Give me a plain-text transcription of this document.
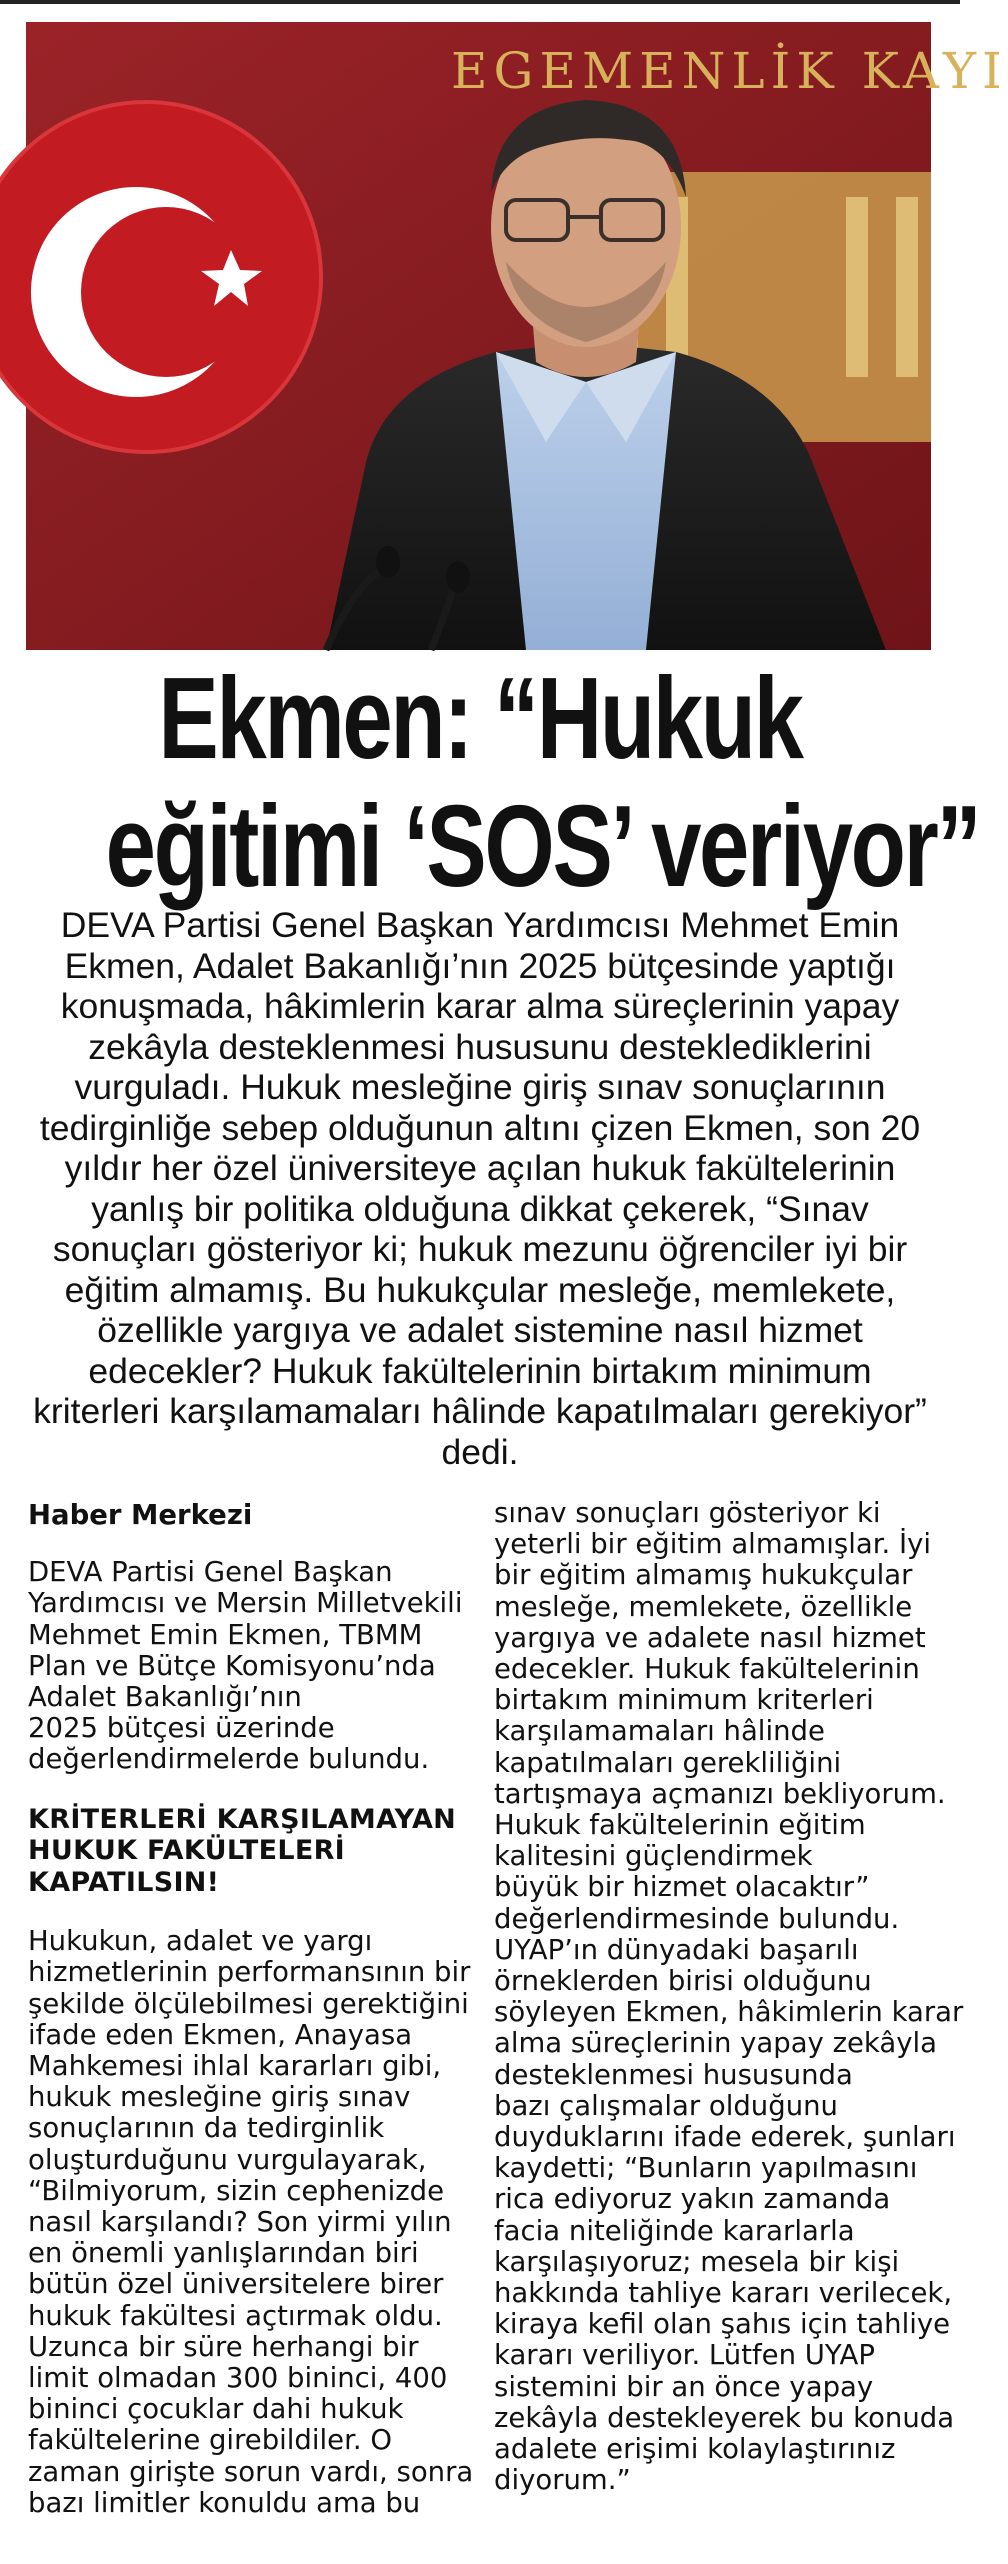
EGEMENLİK KAYI
Ekmen: “Hukuk
eğitimi ‘SOS’ veriyor”

DEVA Partisi Genel Başkan Yardımcısı Mehmet Emin Ekmen, Adalet Bakanlığı’nın 2025 bütçesinde yaptığı konuşmada, hâkimlerin karar alma süreçlerinin yapay zekâyla desteklenmesi hususunu desteklediklerini vurguladı. Hukuk mesleğine giriş sınav sonuçlarının tedirginliğe sebep olduğunun altını çizen Ekmen, son 20 yıldır her özel üniversiteye açılan hukuk fakültelerinin yanlış bir politika olduğuna dikkat çekerek, “Sınav sonuçları gösteriyor ki; hukuk mezunu öğrenciler iyi bir eğitim almamış. Bu hukukçular mesleğe, memlekete, özellikle yargıya ve adalet sistemine nasıl hizmet edecekler? Hukuk fakültelerinin birtakım minimum kriterleri karşılamamaları hâlinde kapatılmaları gerekiyor” dedi.

Haber Merkezi

DEVA Partisi Genel Başkan
Yardımcısı ve Mersin Milletvekili
Mehmet Emin Ekmen, TBMM
Plan ve Bütçe Komisyonu’nda
Adalet Bakanlığı’nın
2025 bütçesi üzerinde
değerlendirmelerde bulundu.

KRİTERLERİ KARŞILAMAYAN
HUKUK FAKÜLTELERİ
KAPATILSIN!

Hukukun, adalet ve yargı
hizmetlerinin performansının bir
şekilde ölçülebilmesi gerektiğini
ifade eden Ekmen, Anayasa
Mahkemesi ihlal kararları gibi,
hukuk mesleğine giriş sınav
sonuçlarının da tedirginlik
oluşturduğunu vurgulayarak,
“Bilmiyorum, sizin cephenizde
nasıl karşılandı? Son yirmi yılın
en önemli yanlışlarından biri
bütün özel üniversitelere birer
hukuk fakültesi açtırmak oldu.
Uzunca bir süre herhangi bir
limit olmadan 300 bininci, 400
bininci çocuklar dahi hukuk
fakültelerine girebildiler. O
zaman girişte sorun vardı, sonra
bazı limitler konuldu ama bu

sınav sonuçları gösteriyor ki
yeterli bir eğitim almamışlar. İyi
bir eğitim almamış hukukçular
mesleğe, memlekete, özellikle
yargıya ve adalete nasıl hizmet
edecekler. Hukuk fakültelerinin
birtakım minimum kriterleri
karşılamamaları hâlinde
kapatılmaları gerekliliğini
tartışmaya açmanızı bekliyorum.
Hukuk fakültelerinin eğitim
kalitesini güçlendirmek
büyük bir hizmet olacaktır”
değerlendirmesinde bulundu.
UYAP’ın dünyadaki başarılı
örneklerden birisi olduğunu
söyleyen Ekmen, hâkimlerin karar
alma süreçlerinin yapay zekâyla
desteklenmesi hususunda
bazı çalışmalar olduğunu
duyduklarını ifade ederek, şunları
kaydetti; “Bunların yapılmasını
rica ediyoruz yakın zamanda
facia niteliğinde kararlarla
karşılaşıyoruz; mesela bir kişi
hakkında tahliye kararı verilecek,
kiraya kefil olan şahıs için tahliye
kararı veriliyor. Lütfen UYAP
sistemini bir an önce yapay
zekâyla destekleyerek bu konuda
adalete erişimi kolaylaştırınız
diyorum.”
